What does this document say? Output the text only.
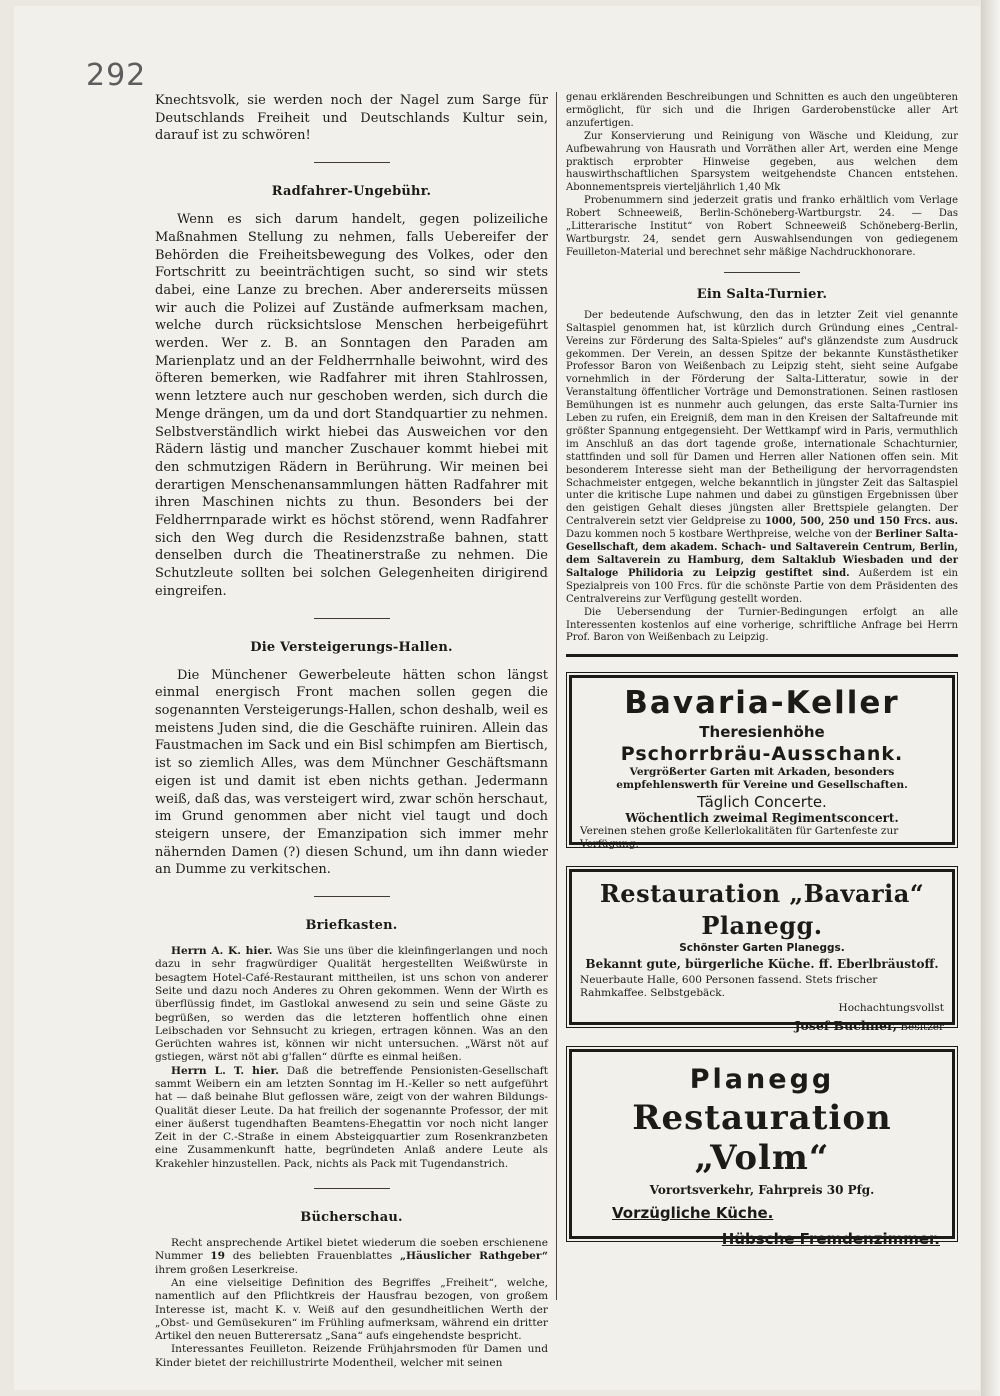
292

Knechtsvolk, sie werden noch der Nagel zum Sarge für Deutschlands Freiheit und Deutschlands Kultur sein, darauf ist zu schwören!

Radfahrer-Ungebühr.

Wenn es sich darum handelt, gegen polizeiliche Maßnahmen Stellung zu nehmen, falls Uebereifer der Behörden die Freiheitsbewegung des Volkes, oder den Fortschritt zu beeinträchtigen sucht, so sind wir stets dabei, eine Lanze zu brechen. Aber andererseits müssen wir auch die Polizei auf Zustände aufmerksam machen, welche durch rücksichtslose Menschen herbeigeführt werden. Wer z. B. an Sonntagen den Paraden am Marienplatz und an der Feldherrnhalle beiwohnt, wird des öfteren bemerken, wie Radfahrer mit ihren Stahlrossen, wenn letztere auch nur geschoben werden, sich durch die Menge drängen, um da und dort Standquartier zu nehmen. Selbstverständlich wirkt hiebei das Ausweichen vor den Rädern lästig und mancher Zuschauer kommt hiebei mit den schmutzigen Rädern in Berührung. Wir meinen bei derartigen Menschenansammlungen hätten Radfahrer mit ihren Maschinen nichts zu thun. Besonders bei der Feldherrnparade wirkt es höchst störend, wenn Radfahrer sich den Weg durch die Residenzstraße bahnen, statt denselben durch die Theatinerstraße zu nehmen. Die Schutzleute sollten bei solchen Gelegenheiten dirigirend eingreifen.

Die Versteigerungs-Hallen.

Die Münchener Gewerbeleute hätten schon längst einmal energisch Front machen sollen gegen die sogenannten Versteigerungs-Hallen, schon deshalb, weil es meistens Juden sind, die die Geschäfte ruiniren. Allein das Faustmachen im Sack und ein Bisl schimpfen am Biertisch, ist so ziemlich Alles, was dem Münchner Geschäftsmann eigen ist und damit ist eben nichts gethan. Jedermann weiß, daß das, was versteigert wird, zwar schön herschaut, im Grund genommen aber nicht viel taugt und doch steigern unsere, der Emanzipation sich immer mehr nähernden Damen (?) diesen Schund, um ihn dann wieder an Dumme zu verkitschen.

Briefkasten.

Herrn A. K. hier. Was Sie uns über die kleinfingerlangen und noch dazu in sehr fragwürdiger Qualität hergestellten Weißwürste in besagtem Hotel-Café-Restaurant mittheilen, ist uns schon von anderer Seite und dazu noch Anderes zu Ohren gekommen. Wenn der Wirth es überflüssig findet, im Gastlokal anwesend zu sein und seine Gäste zu begrüßen, so werden das die letzteren hoffentlich ohne einen Leibschaden vor Sehnsucht zu kriegen, ertragen können. Was an den Gerüchten wahres ist, können wir nicht untersuchen. „Wärst nöt auf gstiegen, wärst nöt abi g'fallen“ dürfte es einmal heißen.

Herrn L. T. hier. Daß die betreffende Pensionisten-Gesellschaft sammt Weibern ein am letzten Sonntag im H.-Keller so nett aufgeführt hat — daß beinahe Blut geflossen wäre, zeigt von der wahren Bildungs-Qualität dieser Leute. Da hat freilich der sogenannte Professor, der mit einer äußerst tugendhaften Beamtens-Ehegattin vor noch nicht langer Zeit in der C.-Straße in einem Absteigquartier zum Rosenkranzbeten eine Zusammenkunft hatte, begründeten Anlaß andere Leute als Krakehler hinzustellen. Pack, nichts als Pack mit Tugendanstrich.

Bücherschau.

Recht ansprechende Artikel bietet wiederum die soeben erschienene Nummer 19 des beliebten Frauenblattes „Häuslicher Rathgeber“ ihrem großen Leserkreise.

An eine vielseitige Definition des Begriffes „Freiheit“, welche, namentlich auf den Pflichtkreis der Hausfrau bezogen, von großem Interesse ist, macht K. v. Weiß auf den gesundheitlichen Werth der „Obst- und Gemüsekuren“ im Frühling aufmerksam, während ein dritter Artikel den neuen Butterersatz „Sana“ aufs eingehendste bespricht.

Interessantes Feuilleton. Reizende Frühjahrsmoden für Damen und Kinder bietet der reichillustrirte Modentheil, welcher mit seinen

genau erklärenden Beschreibungen und Schnitten es auch den ungeübteren ermöglicht, für sich und die Ihrigen Garderobenstücke aller Art anzufertigen.

Zur Konservierung und Reinigung von Wäsche und Kleidung, zur Aufbewahrung von Hausrath und Vorräthen aller Art, werden eine Menge praktisch erprobter Hinweise gegeben, aus welchen dem hauswirthschaftlichen Sparsystem weitgehendste Chancen entstehen. Abonnementspreis vierteljährlich 1,40 Mk

Probenummern sind jederzeit gratis und franko erhältlich vom Verlage Robert Schneeweiß, Berlin-Schöneberg-Wartburgstr. 24. — Das „Litterarische Institut“ von Robert Schneeweiß Schöneberg-Berlin, Wartburgstr. 24, sendet gern Auswahlsendungen von gediegenem Feuilleton-Material und berechnet sehr mäßige Nachdruckhonorare.

Ein Salta-Turnier.

Der bedeutende Aufschwung, den das in letzter Zeit viel genannte Saltaspiel genommen hat, ist kürzlich durch Gründung eines „Central-Vereins zur Förderung des Salta-Spieles“ auf's glänzendste zum Ausdruck gekommen. Der Verein, an dessen Spitze der bekannte Kunstästhetiker Professor Baron von Weißenbach zu Leipzig steht, sieht seine Aufgabe vornehmlich in der Förderung der Salta-Litteratur, sowie in der Veranstaltung öffentlicher Vorträge und Demonstrationen. Seinen rastlosen Bemühungen ist es nunmehr auch gelungen, das erste Salta-Turnier ins Leben zu rufen, ein Ereigniß, dem man in den Kreisen der Saltafreunde mit größter Spannung entgegensieht. Der Wettkampf wird in Paris, vermuthlich im Anschluß an das dort tagende große, internationale Schachturnier, stattfinden und soll für Damen und Herren aller Nationen offen sein. Mit besonderem Interesse sieht man der Betheiligung der hervorragendsten Schachmeister entgegen, welche bekanntlich in jüngster Zeit das Saltaspiel unter die kritische Lupe nahmen und dabei zu günstigen Ergebnissen über den geistigen Gehalt dieses jüngsten aller Brettspiele gelangten. Der Centralverein setzt vier Geldpreise zu 1000, 500, 250 und 150 Frcs. aus. Dazu kommen noch 5 kostbare Werthpreise, welche von der Berliner Salta-Gesellschaft, dem akadem. Schach- und Saltaverein Centrum, Berlin, dem Saltaverein zu Hamburg, dem Saltaklub Wiesbaden und der Saltaloge Philidoria zu Leipzig gestiftet sind. Außerdem ist ein Spezialpreis von 100 Frcs. für die schönste Partie von dem Präsidenten des Centralvereins zur Verfügung gestellt worden.

Die Uebersendung der Turnier-Bedingungen erfolgt an alle Interessenten kostenlos auf eine vorherige, schriftliche Anfrage bei Herrn Prof. Baron von Weißenbach zu Leipzig.

Bavaria-Keller
Theresienhöhe
Pschorrbräu-Ausschank.
Vergrößerter Garten mit Arkaden, besonders empfehlenswerth für Vereine und Gesellschaften.
Täglich Concerte.
Wöchentlich zweimal Regimentsconcert.
Vereinen stehen große Kellerlokalitäten für Gartenfeste zur Verfügung.
Restauration „Bavaria“ Planegg.
Schönster Garten Planeggs.
Bekannt gute, bürgerliche Küche. ff. Eberlbräustoff.
Neuerbaute Halle, 600 Personen fassend. Stets frischer Rahmkaffee. Selbstgebäck.
Hochachtungsvollst
Josef Buchner, Besitzer
Planegg
Restauration „Volm“
Vorortsverkehr, Fahrpreis 30 Pfg.
Vorzügliche Küche.
Hübsche Fremdenzimmer.
